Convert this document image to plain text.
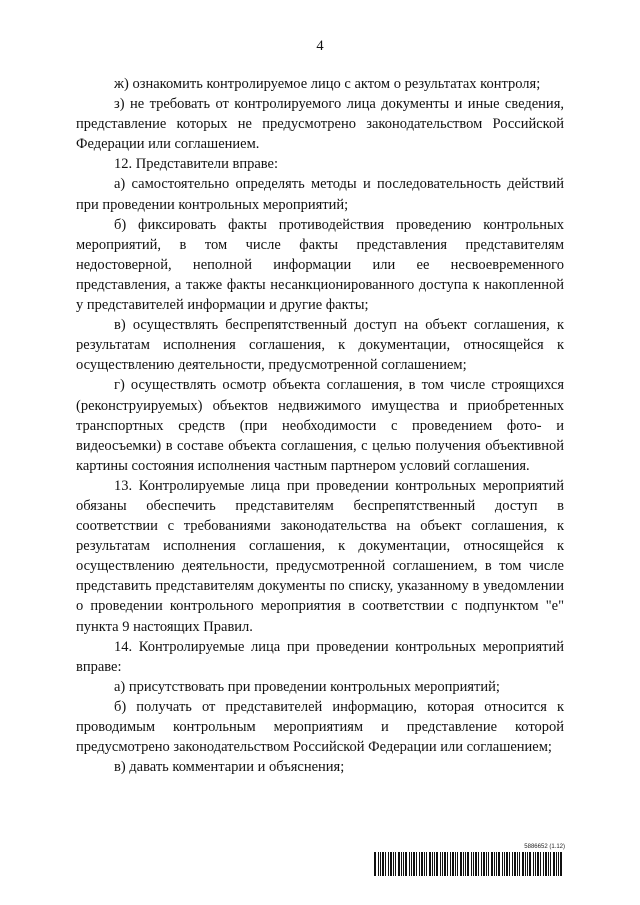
4

ж) ознакомить контролируемое лицо с актом о результатах контроля;

з) не требовать от контролируемого лица документы и иные сведения, представление которых не предусмотрено законодательством Российской Федерации или соглашением.

12. Представители вправе:

а) самостоятельно определять методы и последовательность действий при проведении контрольных мероприятий;

б) фиксировать факты противодействия проведению контрольных мероприятий, в том числе факты представления представителям недостоверной, неполной информации или ее несвоевременного представления, а также факты несанкционированного доступа к накопленной у представителей информации и другие факты;

в) осуществлять беспрепятственный доступ на объект соглашения, к результатам исполнения соглашения, к документации, относящейся к осуществлению деятельности, предусмотренной соглашением;

г) осуществлять осмотр объекта соглашения, в том числе строящихся (реконструируемых) объектов недвижимого имущества и приобретенных транспортных средств (при необходимости с проведением фото- и видеосъемки) в составе объекта соглашения, с целью получения объективной картины состояния исполнения частным партнером условий соглашения.

13. Контролируемые лица при проведении контрольных мероприятий обязаны обеспечить представителям беспрепятственный доступ в соответствии с требованиями законодательства на объект соглашения, к результатам исполнения соглашения, к документации, относящейся к осуществлению деятельности, предусмотренной соглашением, в том числе представить представителям документы по списку, указанному в уведомлении о проведении контрольного мероприятия в соответствии с подпунктом "е" пункта 9 настоящих Правил.

14. Контролируемые лица при проведении контрольных мероприятий вправе:

а) присутствовать при проведении контрольных мероприятий;

б) получать от представителей информацию, которая относится к проводимым контрольным мероприятиям и представление которой предусмотрено законодательством Российской Федерации или соглашением;

в) давать комментарии и объяснения;

5886652 (1.12)
